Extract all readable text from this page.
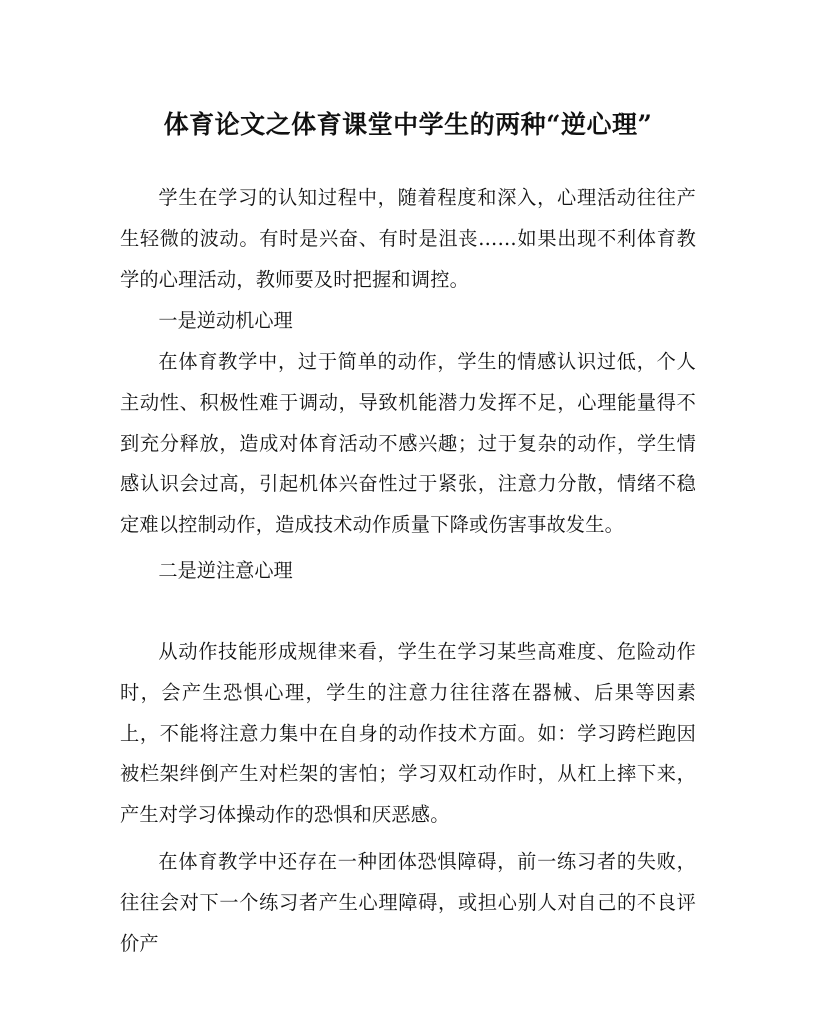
体育论文之体育课堂中学生的两种“逆心理”

学生在学习的认知过程中，随着程度和深入，心理活动往往产生轻微的波动。有时是兴奋、有时是沮丧……如果出现不利体育教学的心理活动，教师要及时把握和调控。

一是逆动机心理

在体育教学中，过于简单的动作，学生的情感认识过低，个人主动性、积极性难于调动，导致机能潜力发挥不足，心理能量得不到充分释放，造成对体育活动不感兴趣；过于复杂的动作，学生情感认识会过高，引起机体兴奋性过于紧张，注意力分散，情绪不稳定难以控制动作，造成技术动作质量下降或伤害事故发生。

二是逆注意心理

从动作技能形成规律来看，学生在学习某些高难度、危险动作时，会产生恐惧心理，学生的注意力往往落在器械、后果等因素上，不能将注意力集中在自身的动作技术方面。如：学习跨栏跑因被栏架绊倒产生对栏架的害怕；学习双杠动作时，从杠上摔下来，产生对学习体操动作的恐惧和厌恶感。

在体育教学中还存在一种团体恐惧障碍，前一练习者的失败，往往会对下一个练习者产生心理障碍，或担心别人对自己的不良评价产
